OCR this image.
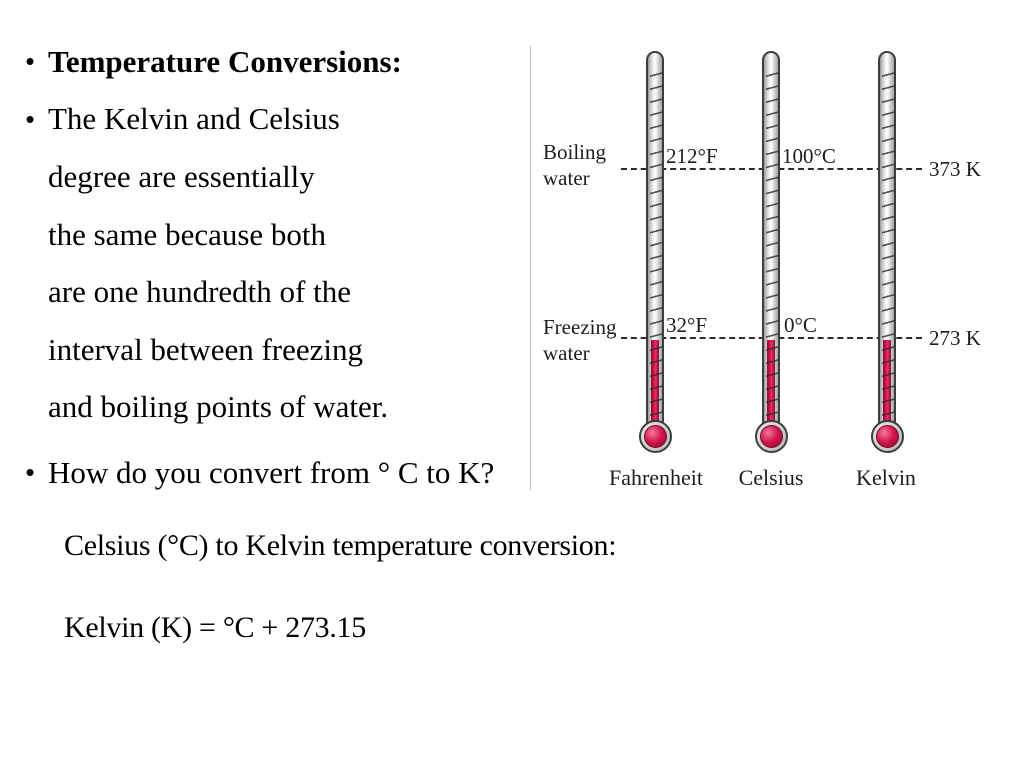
• Temperature Conversions:
• The Kelvin and Celsius
degree are essentially
the same because both
are one hundredth of the
interval between freezing
and boiling points of water.
• How do you convert from ° C to K?
Celsius (°C) to Kelvin temperature conversion:
Kelvin (K) = °C + 273.15
Boiling
water
Freezing
water
212°F	100°C
373 K
32°F	0°C
273 K
Fahrenheit Celsius Kelvin
